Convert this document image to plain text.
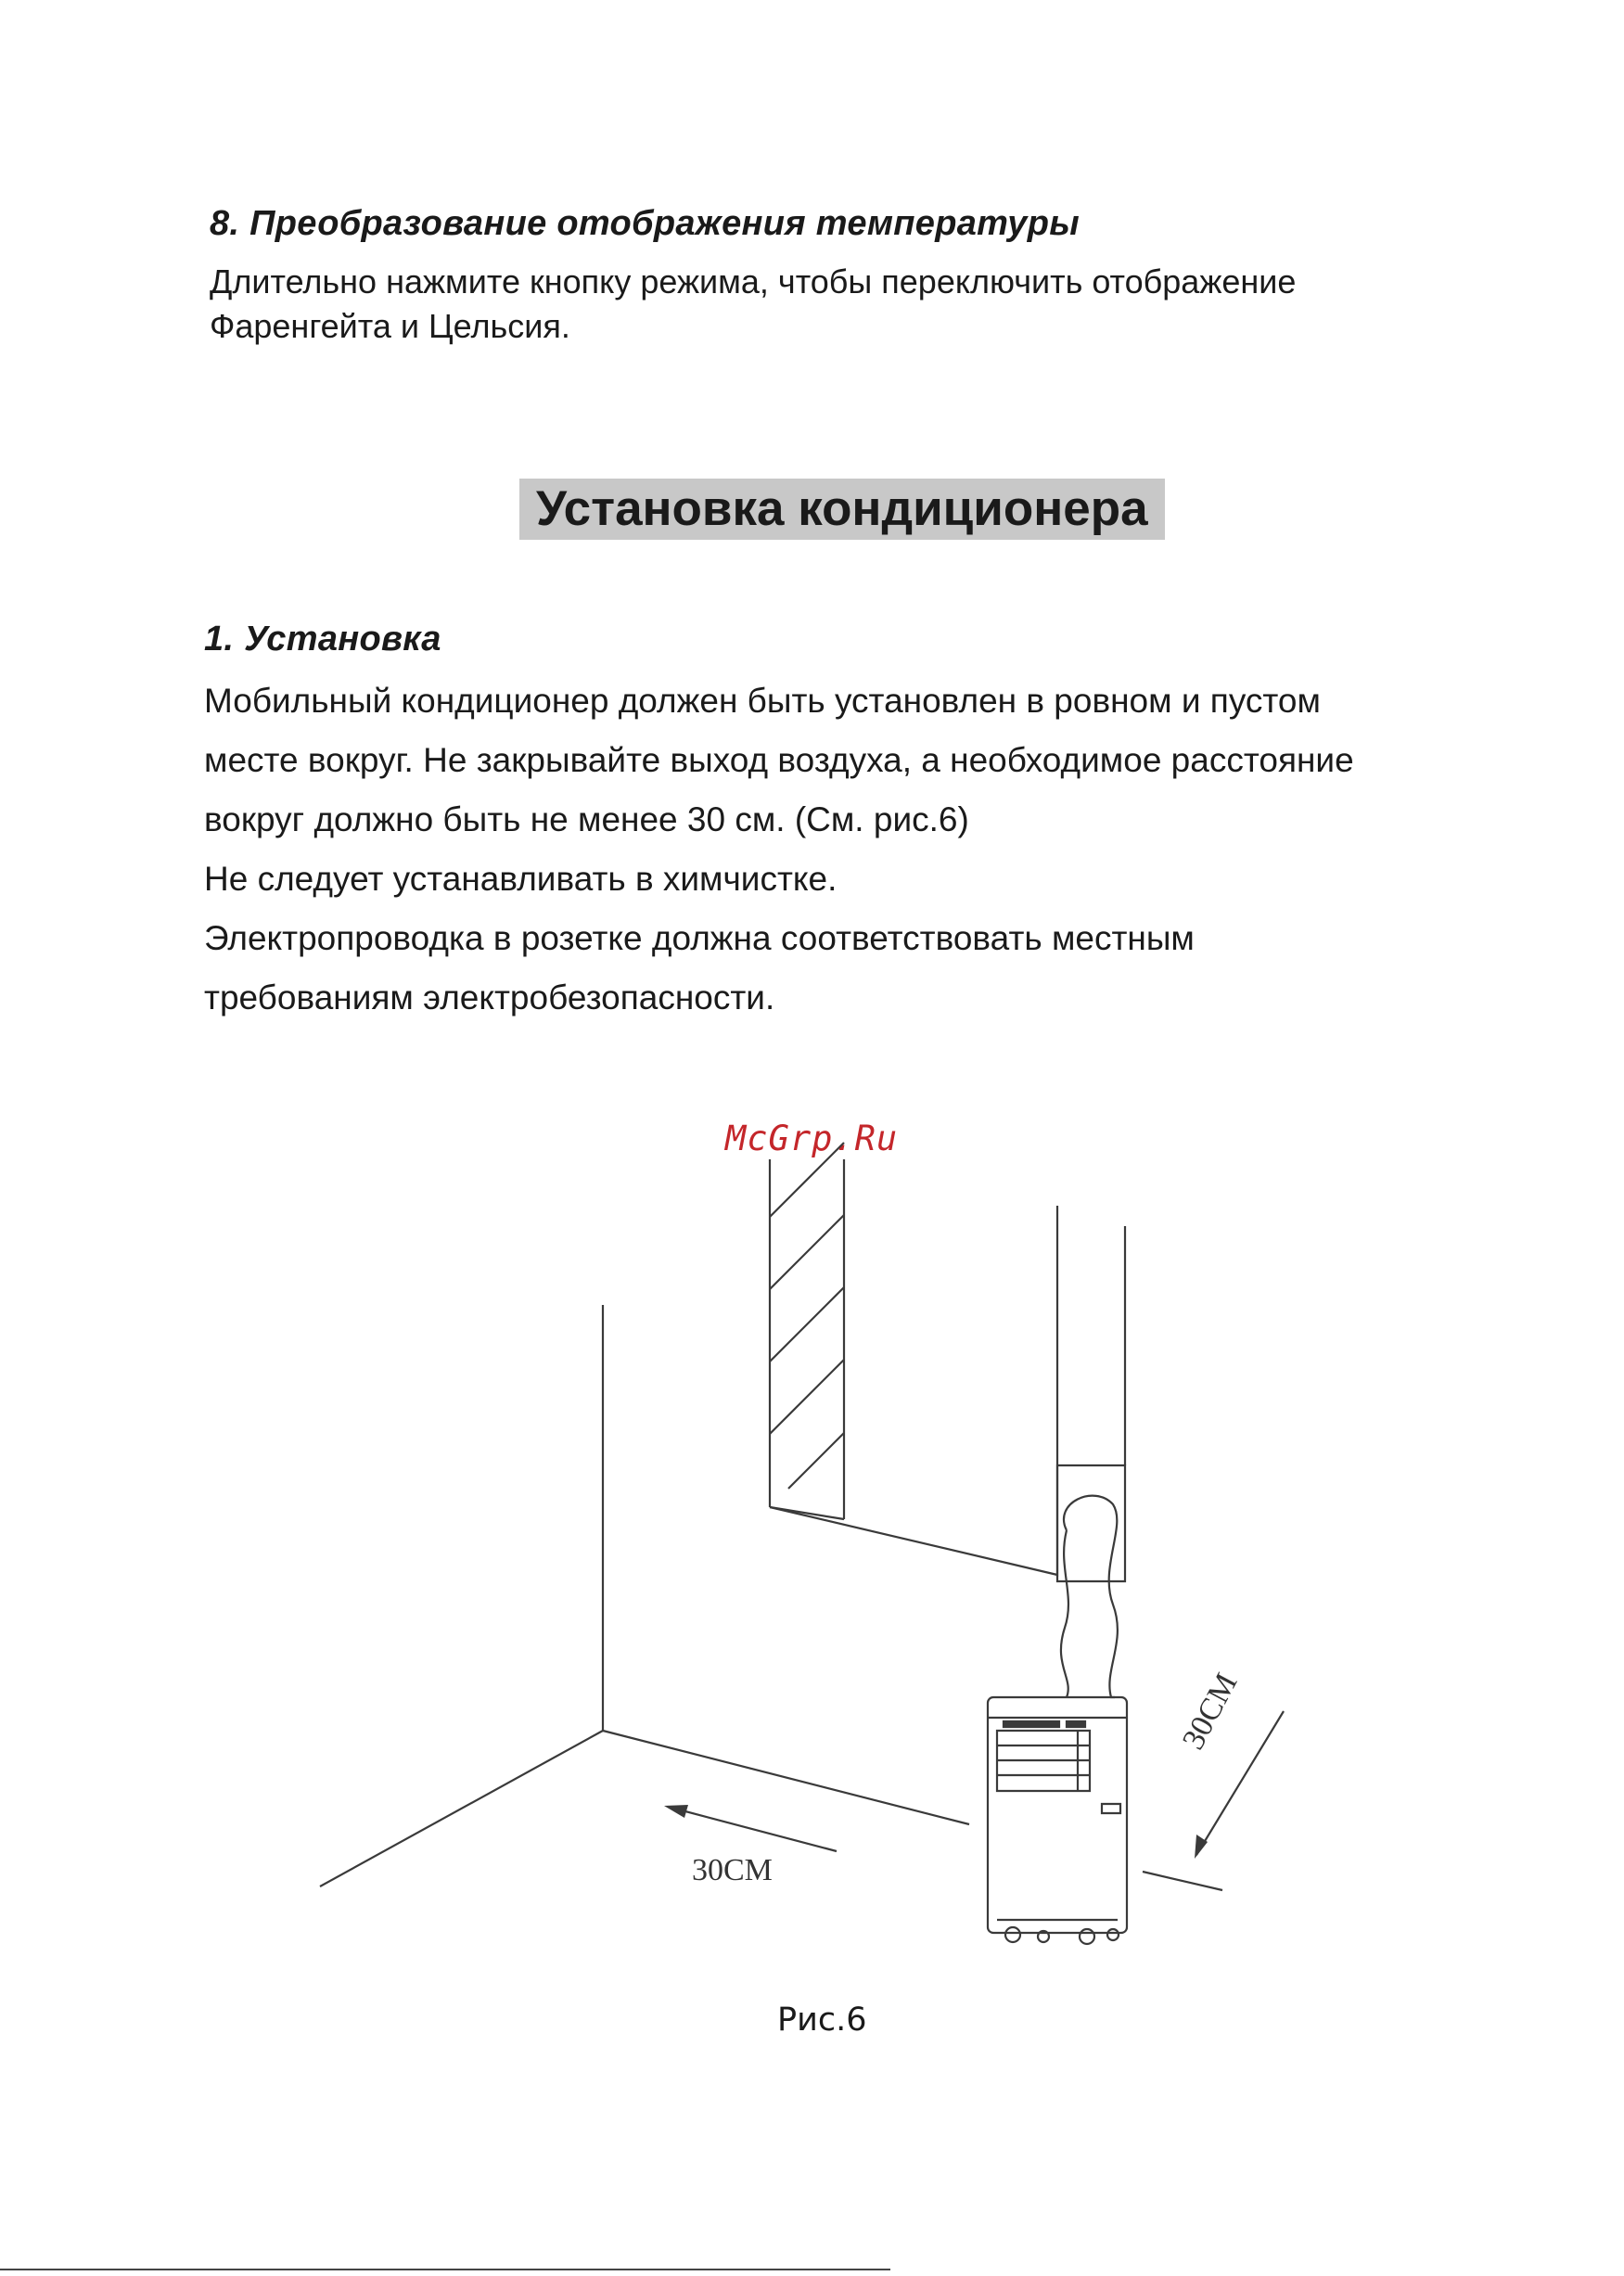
8. Преобразование отображения температуры
Длительно нажмите кнопку режима, чтобы переключить отображение
Фаренгейта и Цельсия.
Установка кондиционера
1. Установка
Мобильный кондиционер должен быть установлен в ровном и пустом
месте вокруг. Не закрывайте выход воздуха, а необходимое расстояние
вокруг должно быть не менее 30 см. (См. рис.6)
Не следует устанавливать в химчистке.
Электропроводка в розетке должна соответствовать местным
требованиям электробезопасности.
McGrp.Ru
30CM
30CM
Рис.6
